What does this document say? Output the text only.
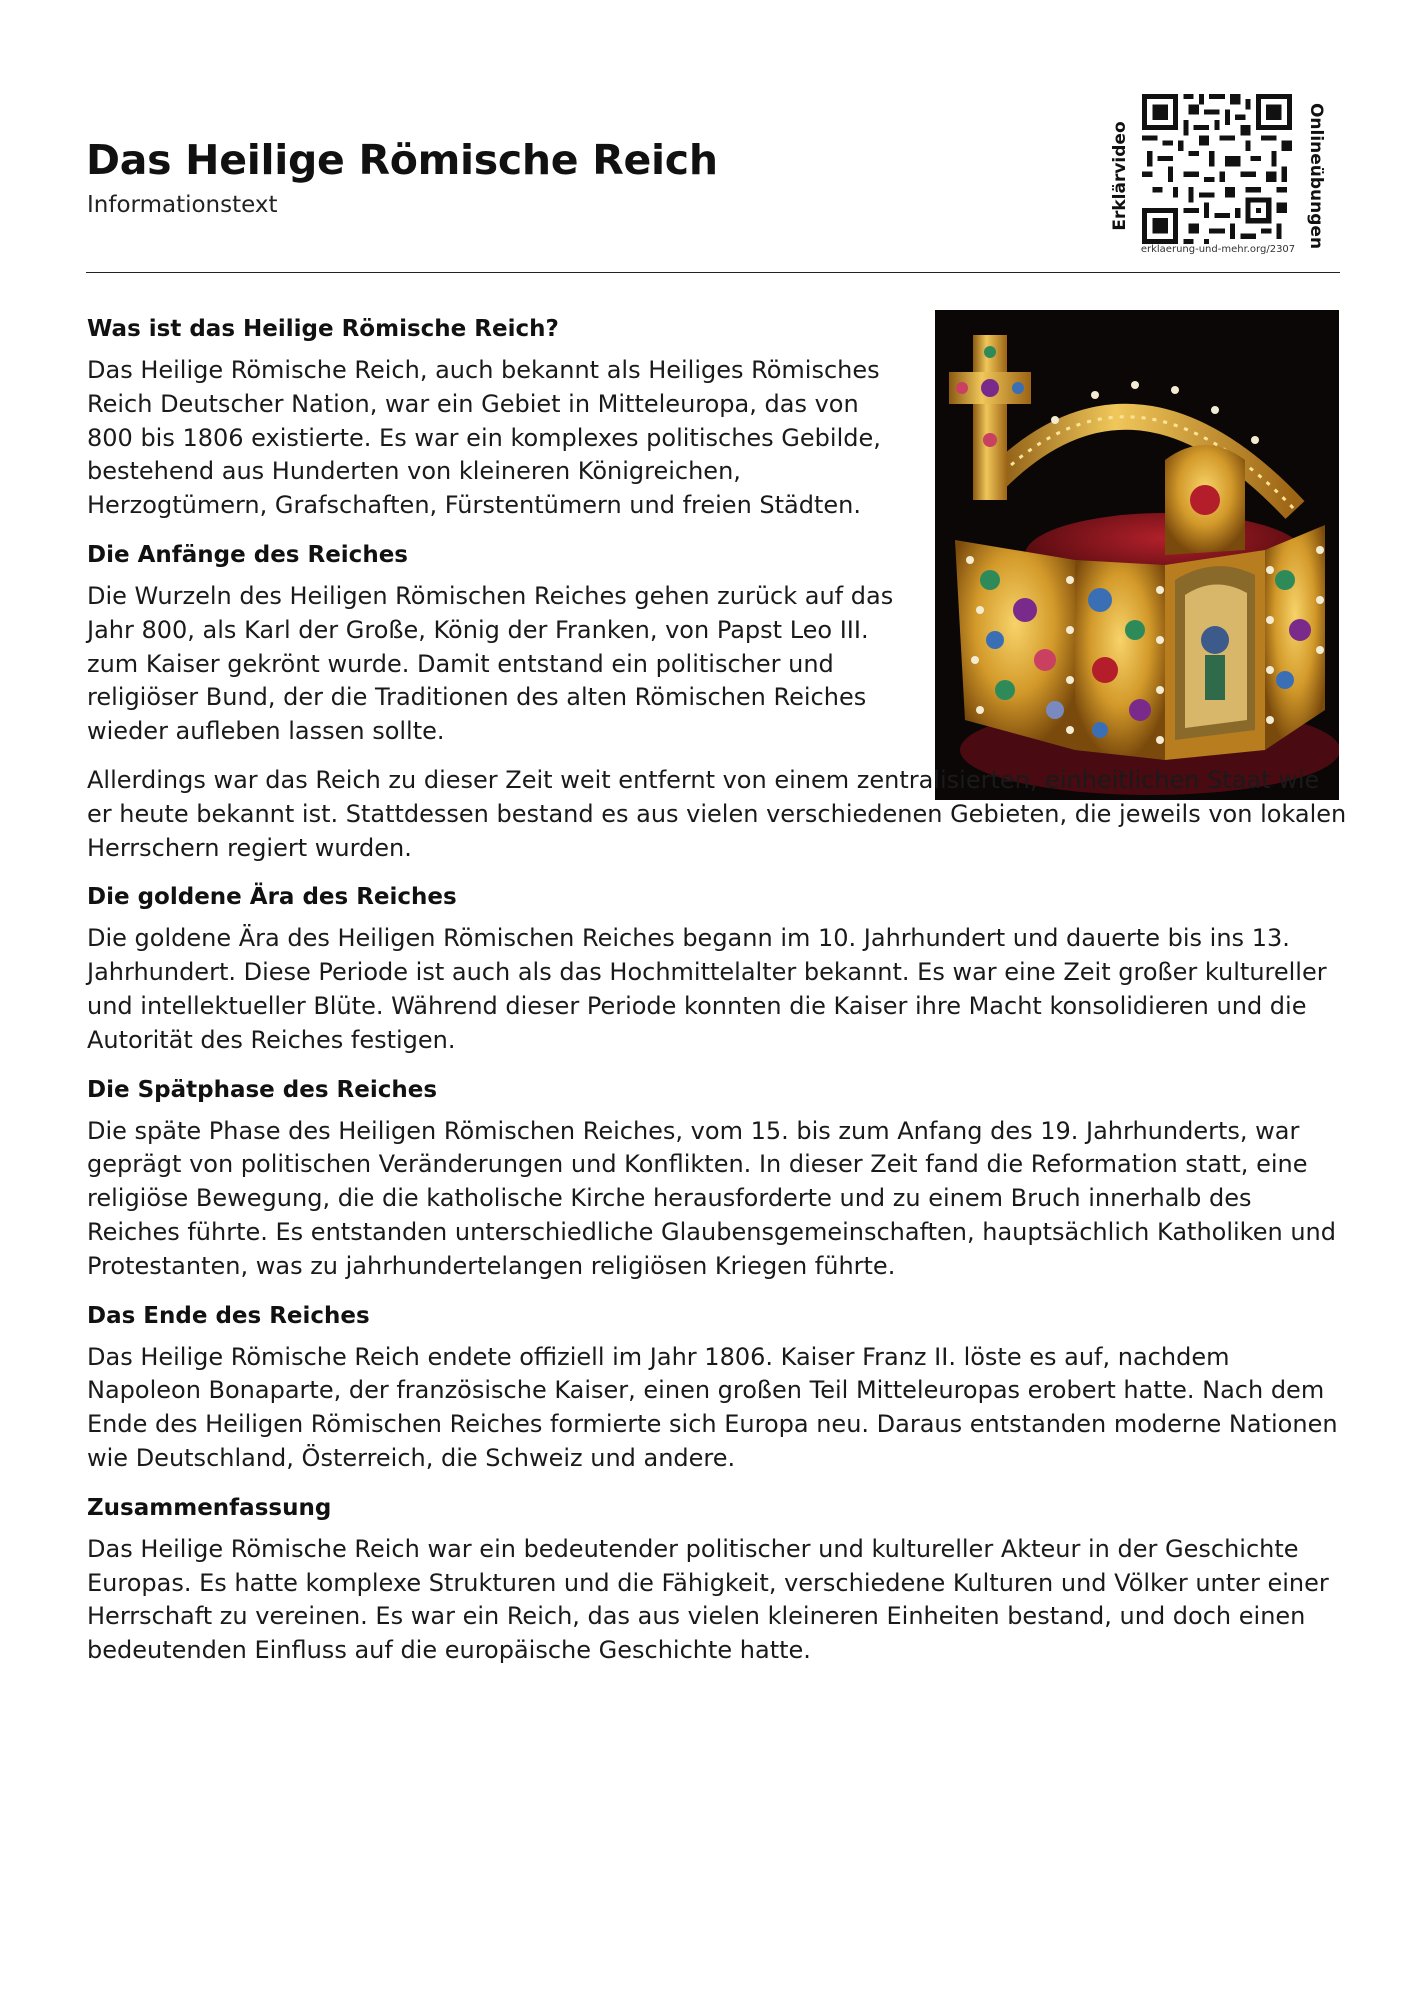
Das Heilige Römische Reich
Informationstext	Erklärvideo	Onlineübungen
erklaerung-und-mehr.org/2307
Was ist das Heilige Römische Reich?

Das Heilige Römische Reich, auch bekannt als Heiliges Römisches Reich Deutscher Nation, war ein Gebiet in Mitteleuropa, das von 800 bis 1806 existierte. Es war ein komplexes politisches Gebilde, bestehend aus Hunderten von kleineren Königreichen, Herzogtümern, Grafschaften, Fürstentümern und freien Städten.

Die Anfänge des Reiches

Die Wurzeln des Heiligen Römischen Reiches gehen zurück auf das Jahr 800, als Karl der Große, König der Franken, von Papst Leo III. zum Kaiser gekrönt wurde. Damit entstand ein politischer und religiöser Bund, der die Traditionen des alten Römischen Reiches wieder aufleben lassen sollte.

Allerdings war das Reich zu dieser Zeit weit entfernt von einem zentralisierten, einheitlichen Staat wie er heute bekannt ist. Stattdessen bestand es aus vielen verschiedenen Gebieten, die jeweils von lokalen Herrschern regiert wurden.

Die goldene Ära des Reiches

Die goldene Ära des Heiligen Römischen Reiches begann im 10. Jahrhundert und dauerte bis ins 13. Jahrhundert. Diese Periode ist auch als das Hochmittelalter bekannt. Es war eine Zeit großer kultureller und intellektueller Blüte. Während dieser Periode konnten die Kaiser ihre Macht konsolidieren und die Autorität des Reiches festigen.

Die Spätphase des Reiches

Die späte Phase des Heiligen Römischen Reiches, vom 15. bis zum Anfang des 19. Jahrhunderts, war geprägt von politischen Veränderungen und Konflikten. In dieser Zeit fand die Reformation statt, eine religiöse Bewegung, die die katholische Kirche herausforderte und zu einem Bruch innerhalb des Reiches führte. Es entstanden unterschiedliche Glaubensgemeinschaften, hauptsächlich Katholiken und Protestanten, was zu jahrhundertelangen religiösen Kriegen führte.

Das Ende des Reiches

Das Heilige Römische Reich endete offiziell im Jahr 1806. Kaiser Franz II. löste es auf, nachdem Napoleon Bonaparte, der französische Kaiser, einen großen Teil Mitteleuropas erobert hatte. Nach dem Ende des Heiligen Römischen Reiches formierte sich Europa neu. Daraus entstanden moderne Nationen wie Deutschland, Österreich, die Schweiz und andere.

Zusammenfassung

Das Heilige Römische Reich war ein bedeutender politischer und kultureller Akteur in der Geschichte Europas. Es hatte komplexe Strukturen und die Fähigkeit, verschiedene Kulturen und Völker unter einer Herrschaft zu vereinen. Es war ein Reich, das aus vielen kleineren Einheiten bestand, und doch einen bedeutenden Einfluss auf die europäische Geschichte hatte.
